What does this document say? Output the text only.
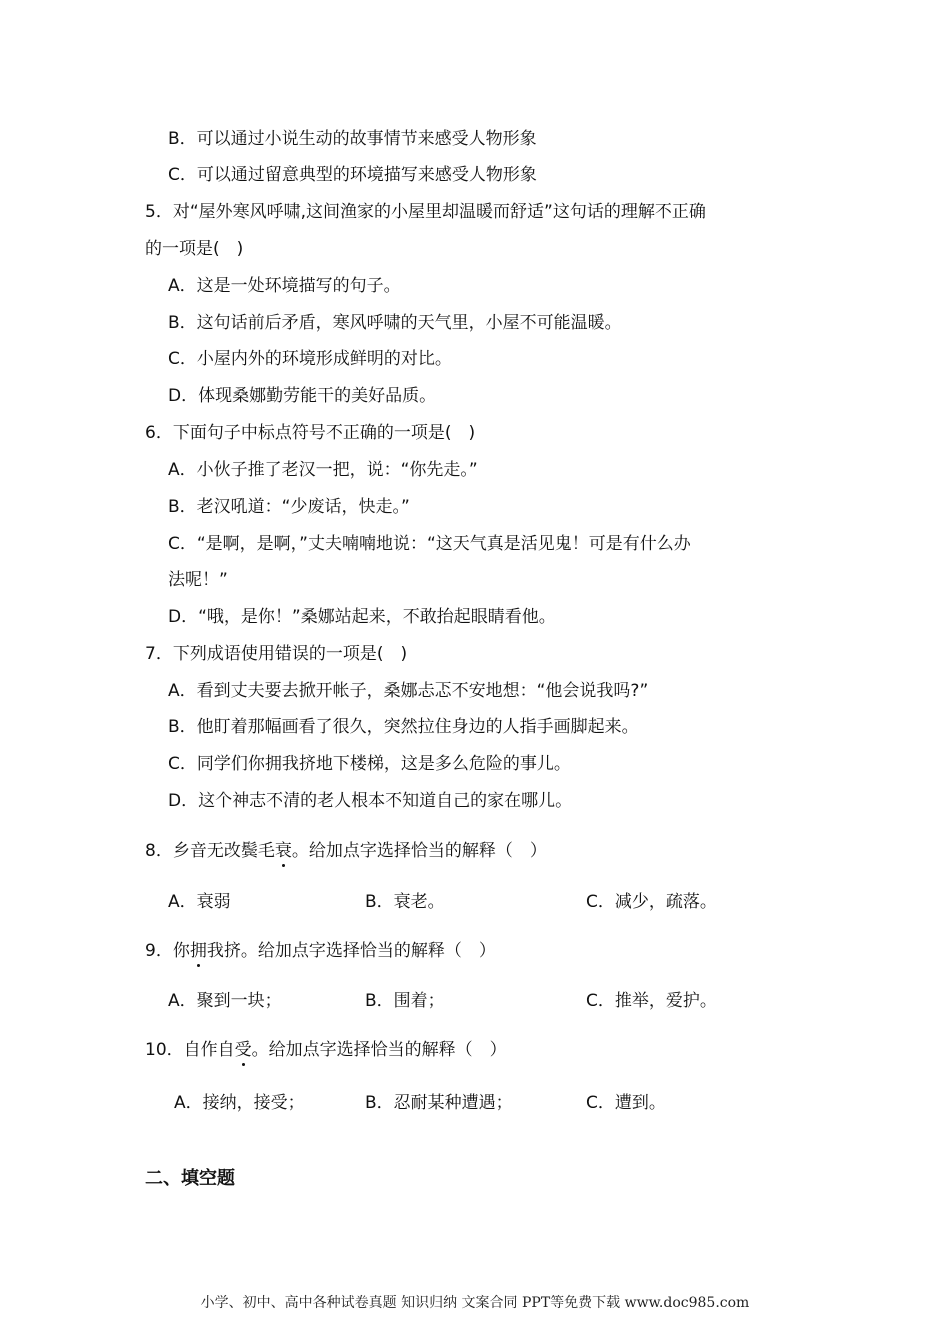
B．可以通过小说生动的故事情节来感受人物形象
C．可以通过留意典型的环境描写来感受人物形象
5．对“屋外寒风呼啸,这间渔家的小屋里却温暖而舒适”这句话的理解不正确
的一项是(　)
A．这是一处环境描写的句子。
B．这句话前后矛盾，寒风呼啸的天气里，小屋不可能温暖。
C．小屋内外的环境形成鲜明的对比。
D．体现桑娜勤劳能干的美好品质。
6．下面句子中标点符号不正确的一项是(　)
A．小伙子推了老汉一把，说：“你先走。”
B．老汉吼道：“少废话，快走。”
C．“是啊，是啊，”丈夫喃喃地说：“这天气真是活见鬼！可是有什么办
法呢！”
D．“哦，是你！”桑娜站起来，不敢抬起眼睛看他。
7．下列成语使用错误的一项是(　)
A．看到丈夫要去掀开帐子，桑娜忐忑不安地想：“他会说我吗?”
B．他盯着那幅画看了很久，突然拉住身边的人指手画脚起来。
C．同学们你拥我挤地下楼梯，这是多么危险的事儿。
D．这个神志不清的老人根本不知道自己的家在哪儿。
8．乡音无改鬓毛衰。给加点字选择恰当的解释（　）
A．衰弱	B．衰老。	C．减少，疏落。
9．你拥我挤。给加点字选择恰当的解释（　）
A．聚到一块；	B．围着；	C．推举，爱护。
10．自作自受。给加点字选择恰当的解释（　）
A．接纳，接受；	B．忍耐某种遭遇；	C．遭到。
二、填空题
小学、初中、高中各种试卷真题 知识归纳 文案合同 PPT等免费下载 www.doc985.com
